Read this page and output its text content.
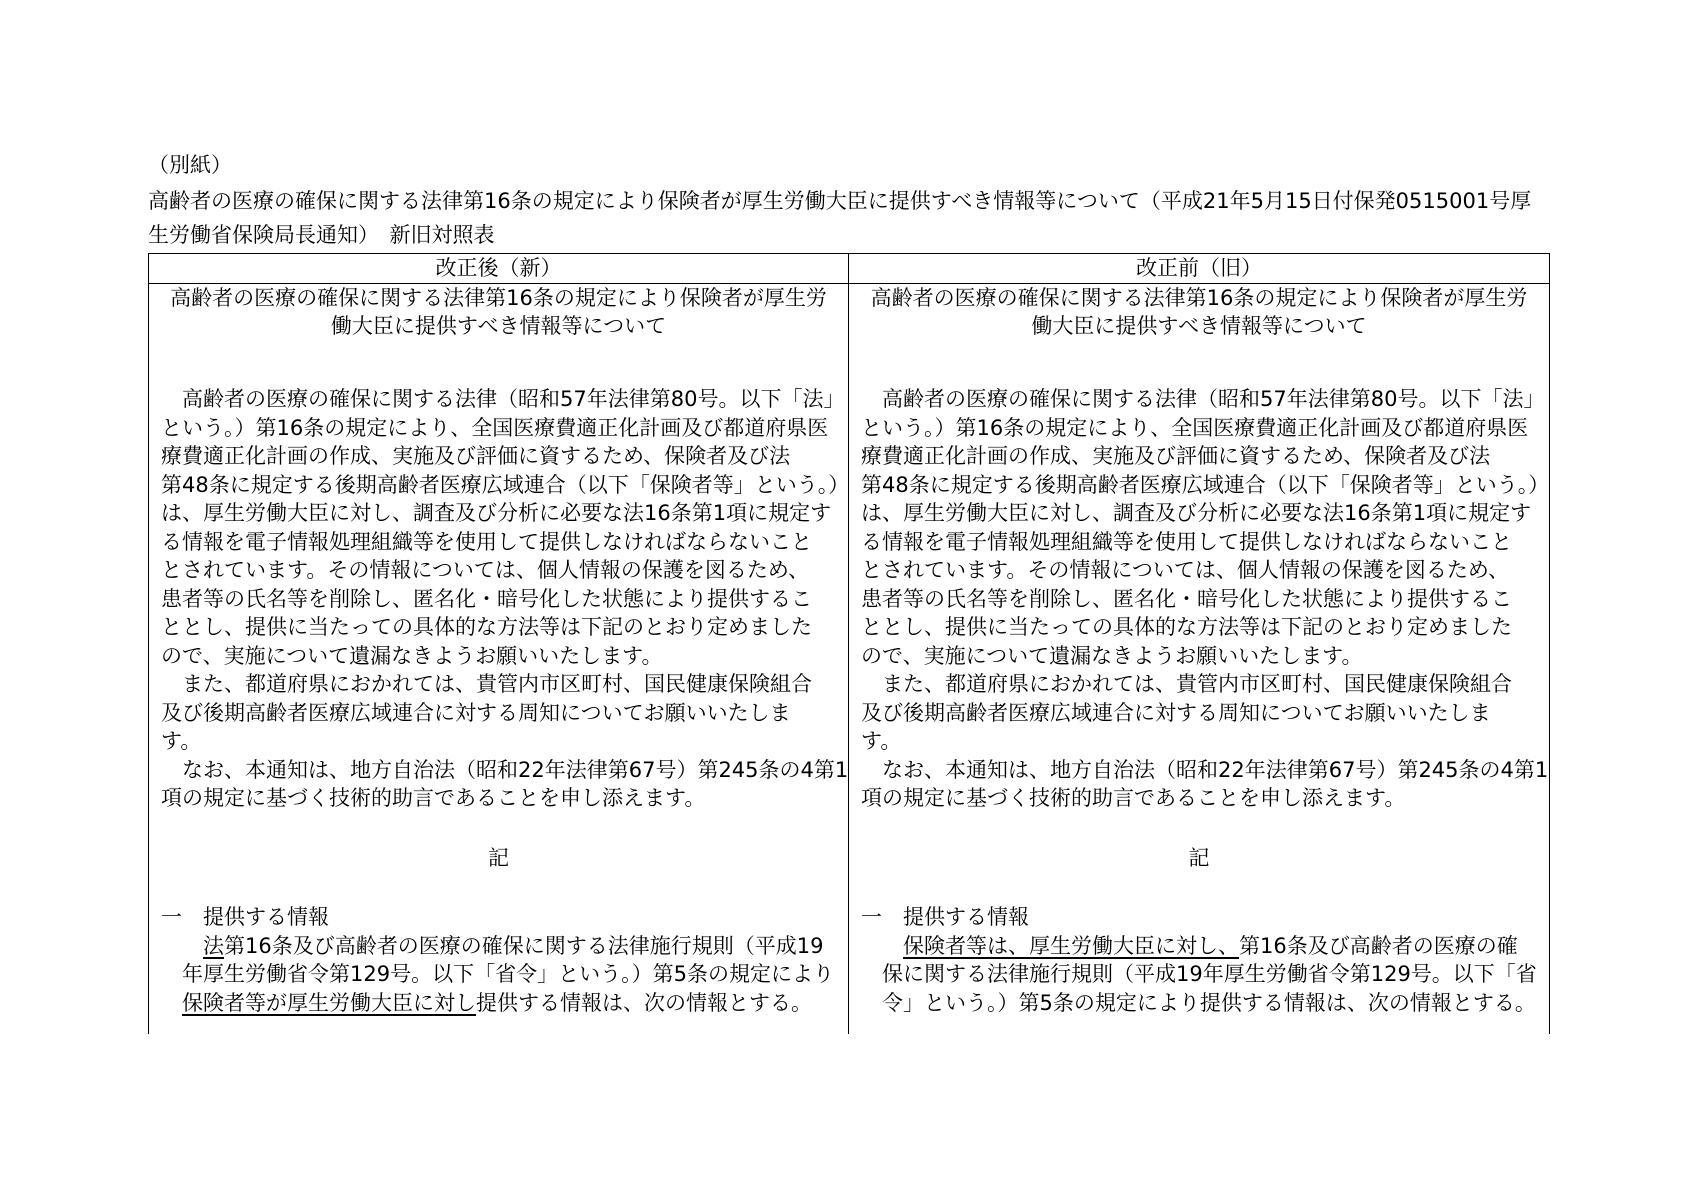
（別紙）
高齢者の医療の確保に関する法律第16条の規定により保険者が厚生労働大臣に提供すべき情報等について（平成21年5月15日付保発0515001号厚
生労働省保険局長通知）　新旧対照表
改正後（新）
高齢者の医療の確保に関する法律第16条の規定により保険者が厚生労
働大臣に提供すべき情報等について
　高齢者の医療の確保に関する法律（昭和57年法律第80号。以下「法」
という。）第16条の規定により、全国医療費適正化計画及び都道府県医
療費適正化計画の作成、実施及び評価に資するため、保険者及び法
第48条に規定する後期高齢者医療広域連合（以下「保険者等」という。）
は、厚生労働大臣に対し、調査及び分析に必要な法16条第1項に規定す
る情報を電子情報処理組織等を使用して提供しなければならないこと
とされています。その情報については、個人情報の保護を図るため、
患者等の氏名等を削除し、匿名化・暗号化した状態により提供するこ
ととし、提供に当たっての具体的な方法等は下記のとおり定めました
ので、実施について遺漏なきようお願いいたします。
　また、都道府県におかれては、貴管内市区町村、国民健康保険組合
及び後期高齢者医療広域連合に対する周知についてお願いいたしま
す。
　なお、本通知は、地方自治法（昭和22年法律第67号）第245条の4第1
項の規定に基づく技術的助言であることを申し添えます。
記
一　提供する情報
　　法第16条及び高齢者の医療の確保に関する法律施行規則（平成19
　年厚生労働省令第129号。以下「省令」という。）第5条の規定により
　保険者等が厚生労働大臣に対し提供する情報は、次の情報とする。
改正前（旧）
高齢者の医療の確保に関する法律第16条の規定により保険者が厚生労
働大臣に提供すべき情報等について
　高齢者の医療の確保に関する法律（昭和57年法律第80号。以下「法」
という。）第16条の規定により、全国医療費適正化計画及び都道府県医
療費適正化計画の作成、実施及び評価に資するため、保険者及び法
第48条に規定する後期高齢者医療広域連合（以下「保険者等」という。）
は、厚生労働大臣に対し、調査及び分析に必要な法16条第1項に規定す
る情報を電子情報処理組織等を使用して提供しなければならないこと
とされています。その情報については、個人情報の保護を図るため、
患者等の氏名等を削除し、匿名化・暗号化した状態により提供するこ
ととし、提供に当たっての具体的な方法等は下記のとおり定めました
ので、実施について遺漏なきようお願いいたします。
　また、都道府県におかれては、貴管内市区町村、国民健康保険組合
及び後期高齢者医療広域連合に対する周知についてお願いいたしま
す。
　なお、本通知は、地方自治法（昭和22年法律第67号）第245条の4第1
項の規定に基づく技術的助言であることを申し添えます。
記
一　提供する情報
　　保険者等は、厚生労働大臣に対し、第16条及び高齢者の医療の確
　保に関する法律施行規則（平成19年厚生労働省令第129号。以下「省
　令」という。）第5条の規定により提供する情報は、次の情報とする。
